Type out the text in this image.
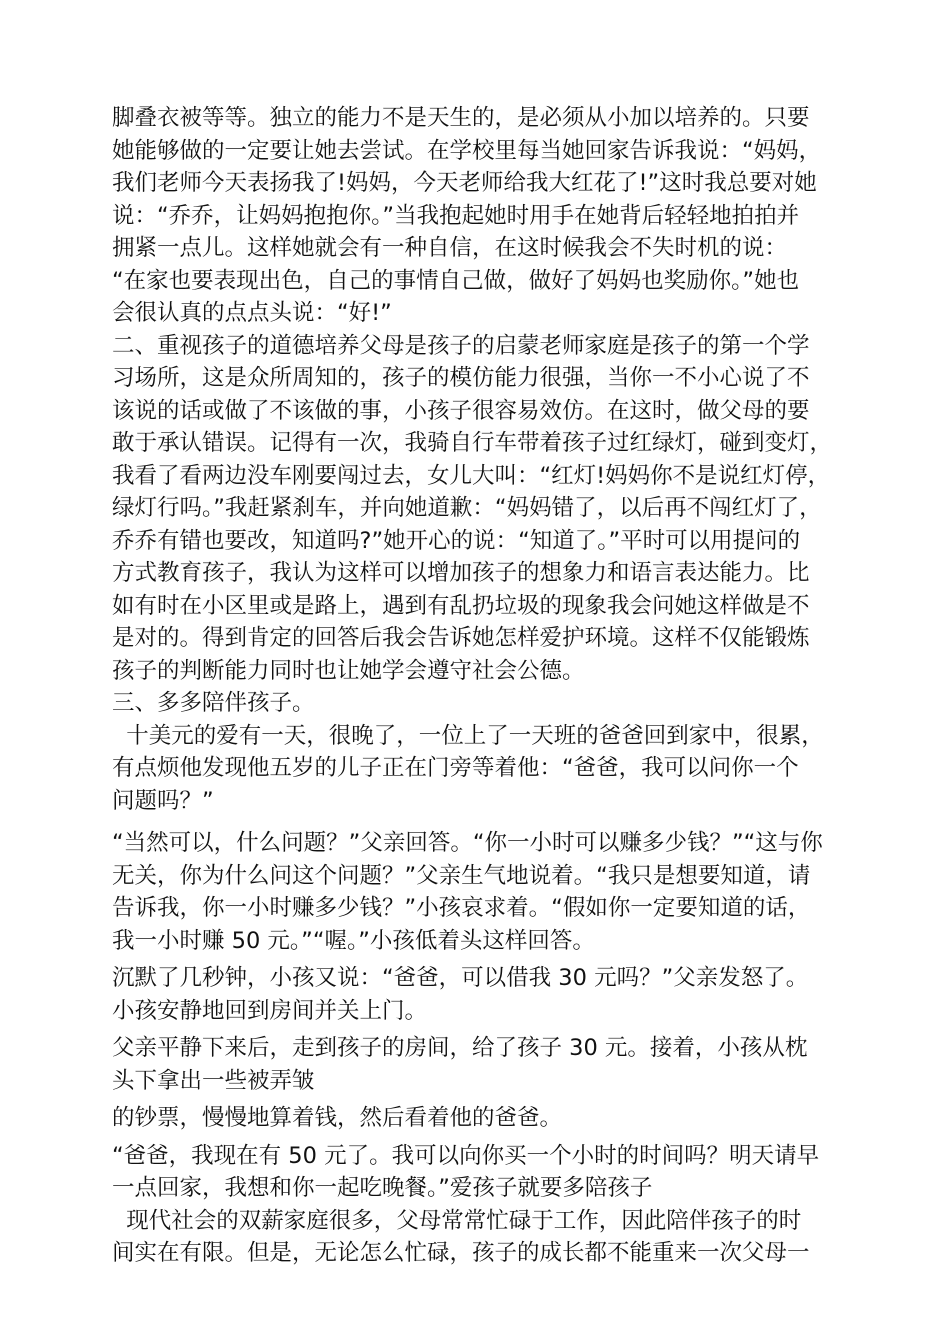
脚叠衣被等等。独立的能力不是天生的，是必须从小加以培养的。只要
她能够做的一定要让她去尝试。在学校里每当她回家告诉我说：“妈妈，
我们老师今天表扬我了!妈妈，今天老师给我大红花了!”这时我总要对她
说：“乔乔，让妈妈抱抱你。”当我抱起她时用手在她背后轻轻地拍拍并
拥紧一点儿。这样她就会有一种自信，在这时候我会不失时机的说：
“在家也要表现出色，自己的事情自己做，做好了妈妈也奖励你。”她也
会很认真的点点头说：“好!”
二、重视孩子的道德培养父母是孩子的启蒙老师家庭是孩子的第一个学
习场所，这是众所周知的，孩子的模仿能力很强，当你一不小心说了不
该说的话或做了不该做的事，小孩子很容易效仿。在这时，做父母的要
敢于承认错误。记得有一次，我骑自行车带着孩子过红绿灯，碰到变灯，
我看了看两边没车刚要闯过去，女儿大叫：“红灯!妈妈你不是说红灯停，
绿灯行吗。”我赶紧刹车，并向她道歉：“妈妈错了，以后再不闯红灯了，
乔乔有错也要改，知道吗?”她开心的说：“知道了。”平时可以用提问的
方式教育孩子，我认为这样可以增加孩子的想象力和语言表达能力。比
如有时在小区里或是路上，遇到有乱扔垃圾的现象我会问她这样做是不
是对的。得到肯定的回答后我会告诉她怎样爱护环境。这样不仅能锻炼
孩子的判断能力同时也让她学会遵守社会公德。
三、多多陪伴孩子。
十美元的爱有一天，很晚了，一位上了一天班的爸爸回到家中，很累，
有点烦他发现他五岁的儿子正在门旁等着他：“爸爸，我可以问你一个
问题吗？”
“当然可以，什么问题？”父亲回答。“你一小时可以赚多少钱？”“这与你
无关，你为什么问这个问题？”父亲生气地说着。“我只是想要知道，请
告诉我，你一小时赚多少钱？”小孩哀求着。“假如你一定要知道的话，
我一小时赚 50 元。”“喔。”小孩低着头这样回答。
沉默了几秒钟，小孩又说：“爸爸，可以借我 30 元吗？”父亲发怒了。
小孩安静地回到房间并关上门。
父亲平静下来后，走到孩子的房间，给了孩子 30 元。接着，小孩从枕
头下拿出一些被弄皱
的钞票，慢慢地算着钱，然后看着他的爸爸。
“爸爸，我现在有 50 元了。我可以向你买一个小时的时间吗？明天请早
一点回家，我想和你一起吃晚餐。”爱孩子就要多陪孩子
现代社会的双薪家庭很多，父母常常忙碌于工作，因此陪伴孩子的时
间实在有限。但是，无论怎么忙碌，孩子的成长都不能重来一次父母一
